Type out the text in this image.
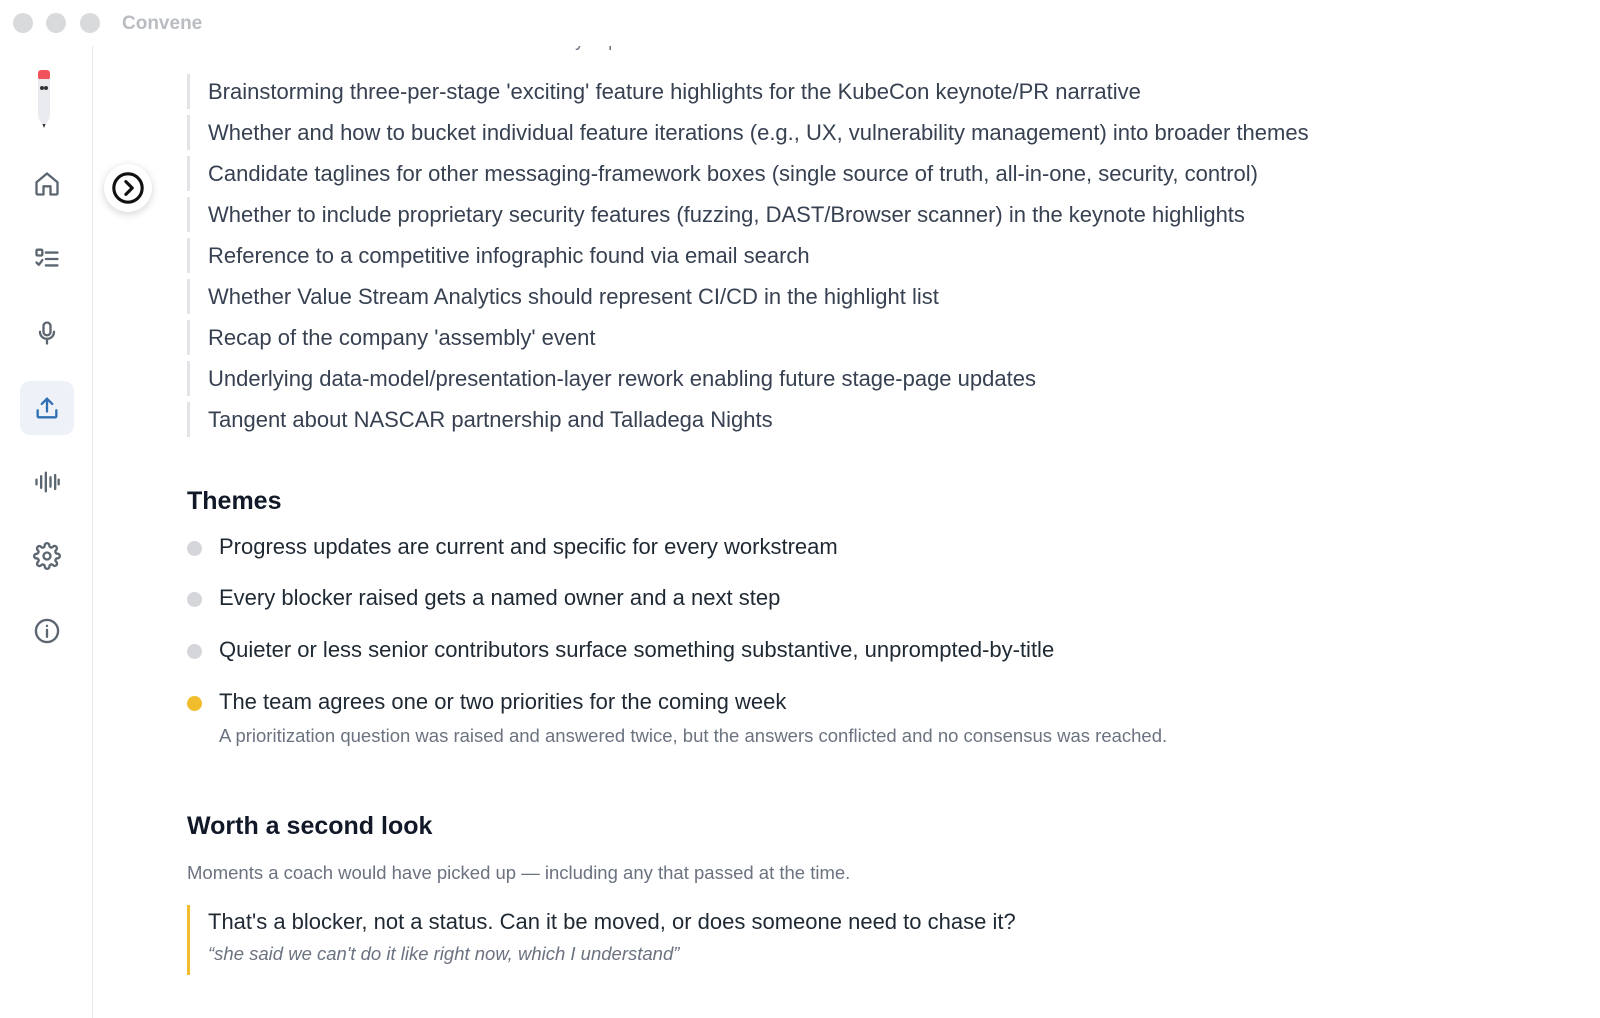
Convene
Brainstorming three-per-stage 'exciting' feature highlights for the KubeCon keynote/PR narrative
Whether and how to bucket individual feature iterations (e.g., UX, vulnerability management) into broader themes
Candidate taglines for other messaging-framework boxes (single source of truth, all-in-one, security, control)
Whether to include proprietary security features (fuzzing, DAST/Browser scanner) in the keynote highlights
Reference to a competitive infographic found via email search
Whether Value Stream Analytics should represent CI/CD in the highlight list
Recap of the company 'assembly' event
Underlying data-model/presentation-layer rework enabling future stage-page updates
Tangent about NASCAR partnership and Talladega Nights
Themes
Progress updates are current and specific for every workstream
Every blocker raised gets a named owner and a next step
Quieter or less senior contributors surface something substantive, unprompted-by-title
The team agrees one or two priorities for the coming week
A prioritization question was raised and answered twice, but the answers conflicted and no consensus was reached.
Worth a second look
Moments a coach would have picked up — including any that passed at the time.
That's a blocker, not a status. Can it be moved, or does someone need to chase it?
“she said we can't do it like right now, which I understand”
